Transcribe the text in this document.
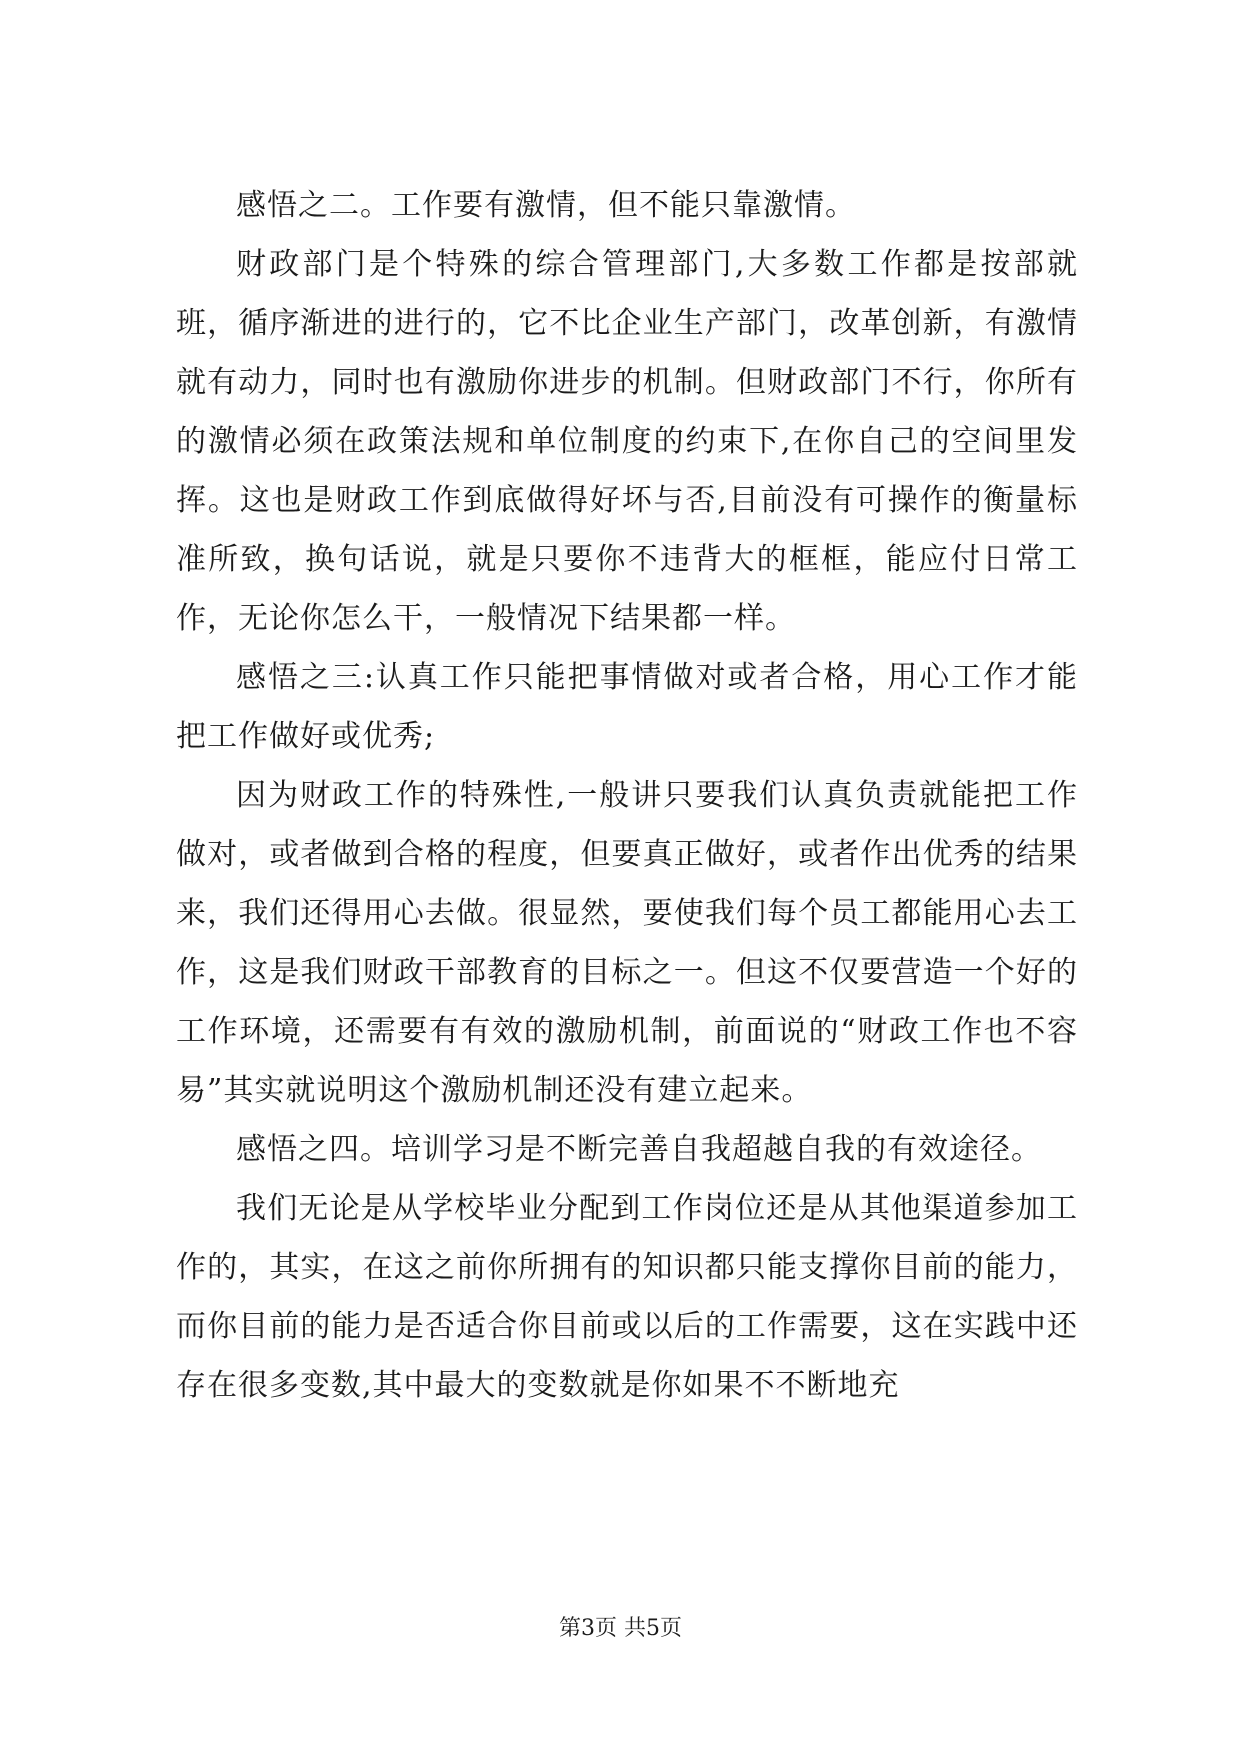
感悟之二。工作要有激情，但不能只靠激情。

财政部门是个特殊的综合管理部门,大多数工作都是按部就班，循序渐进的进行的，它不比企业生产部门，改革创新，有激情就有动力，同时也有激励你进步的机制。但财政部门不行，你所有的激情必须在政策法规和单位制度的约束下,在你自己的空间里发挥。这也是财政工作到底做得好坏与否,目前没有可操作的衡量标准所致，换句话说，就是只要你不违背大的框框，能应付日常工作，无论你怎么干，一般情况下结果都一样。

感悟之三:认真工作只能把事情做对或者合格，用心工作才能把工作做好或优秀;

因为财政工作的特殊性,一般讲只要我们认真负责就能把工作做对，或者做到合格的程度，但要真正做好，或者作出优秀的结果来，我们还得用心去做。很显然，要使我们每个员工都能用心去工作，这是我们财政干部教育的目标之一。但这不仅要营造一个好的工作环境，还需要有有效的激励机制，前面说的“财政工作也不容易”其实就说明这个激励机制还没有建立起来。

感悟之四。培训学习是不断完善自我超越自我的有效途径。

我们无论是从学校毕业分配到工作岗位还是从其他渠道参加工作的，其实，在这之前你所拥有的知识都只能支撑你目前的能力，而你目前的能力是否适合你目前或以后的工作需要，这在实践中还存在很多变数,其中最大的变数就是你如果不不断地充

第3页 共5页
